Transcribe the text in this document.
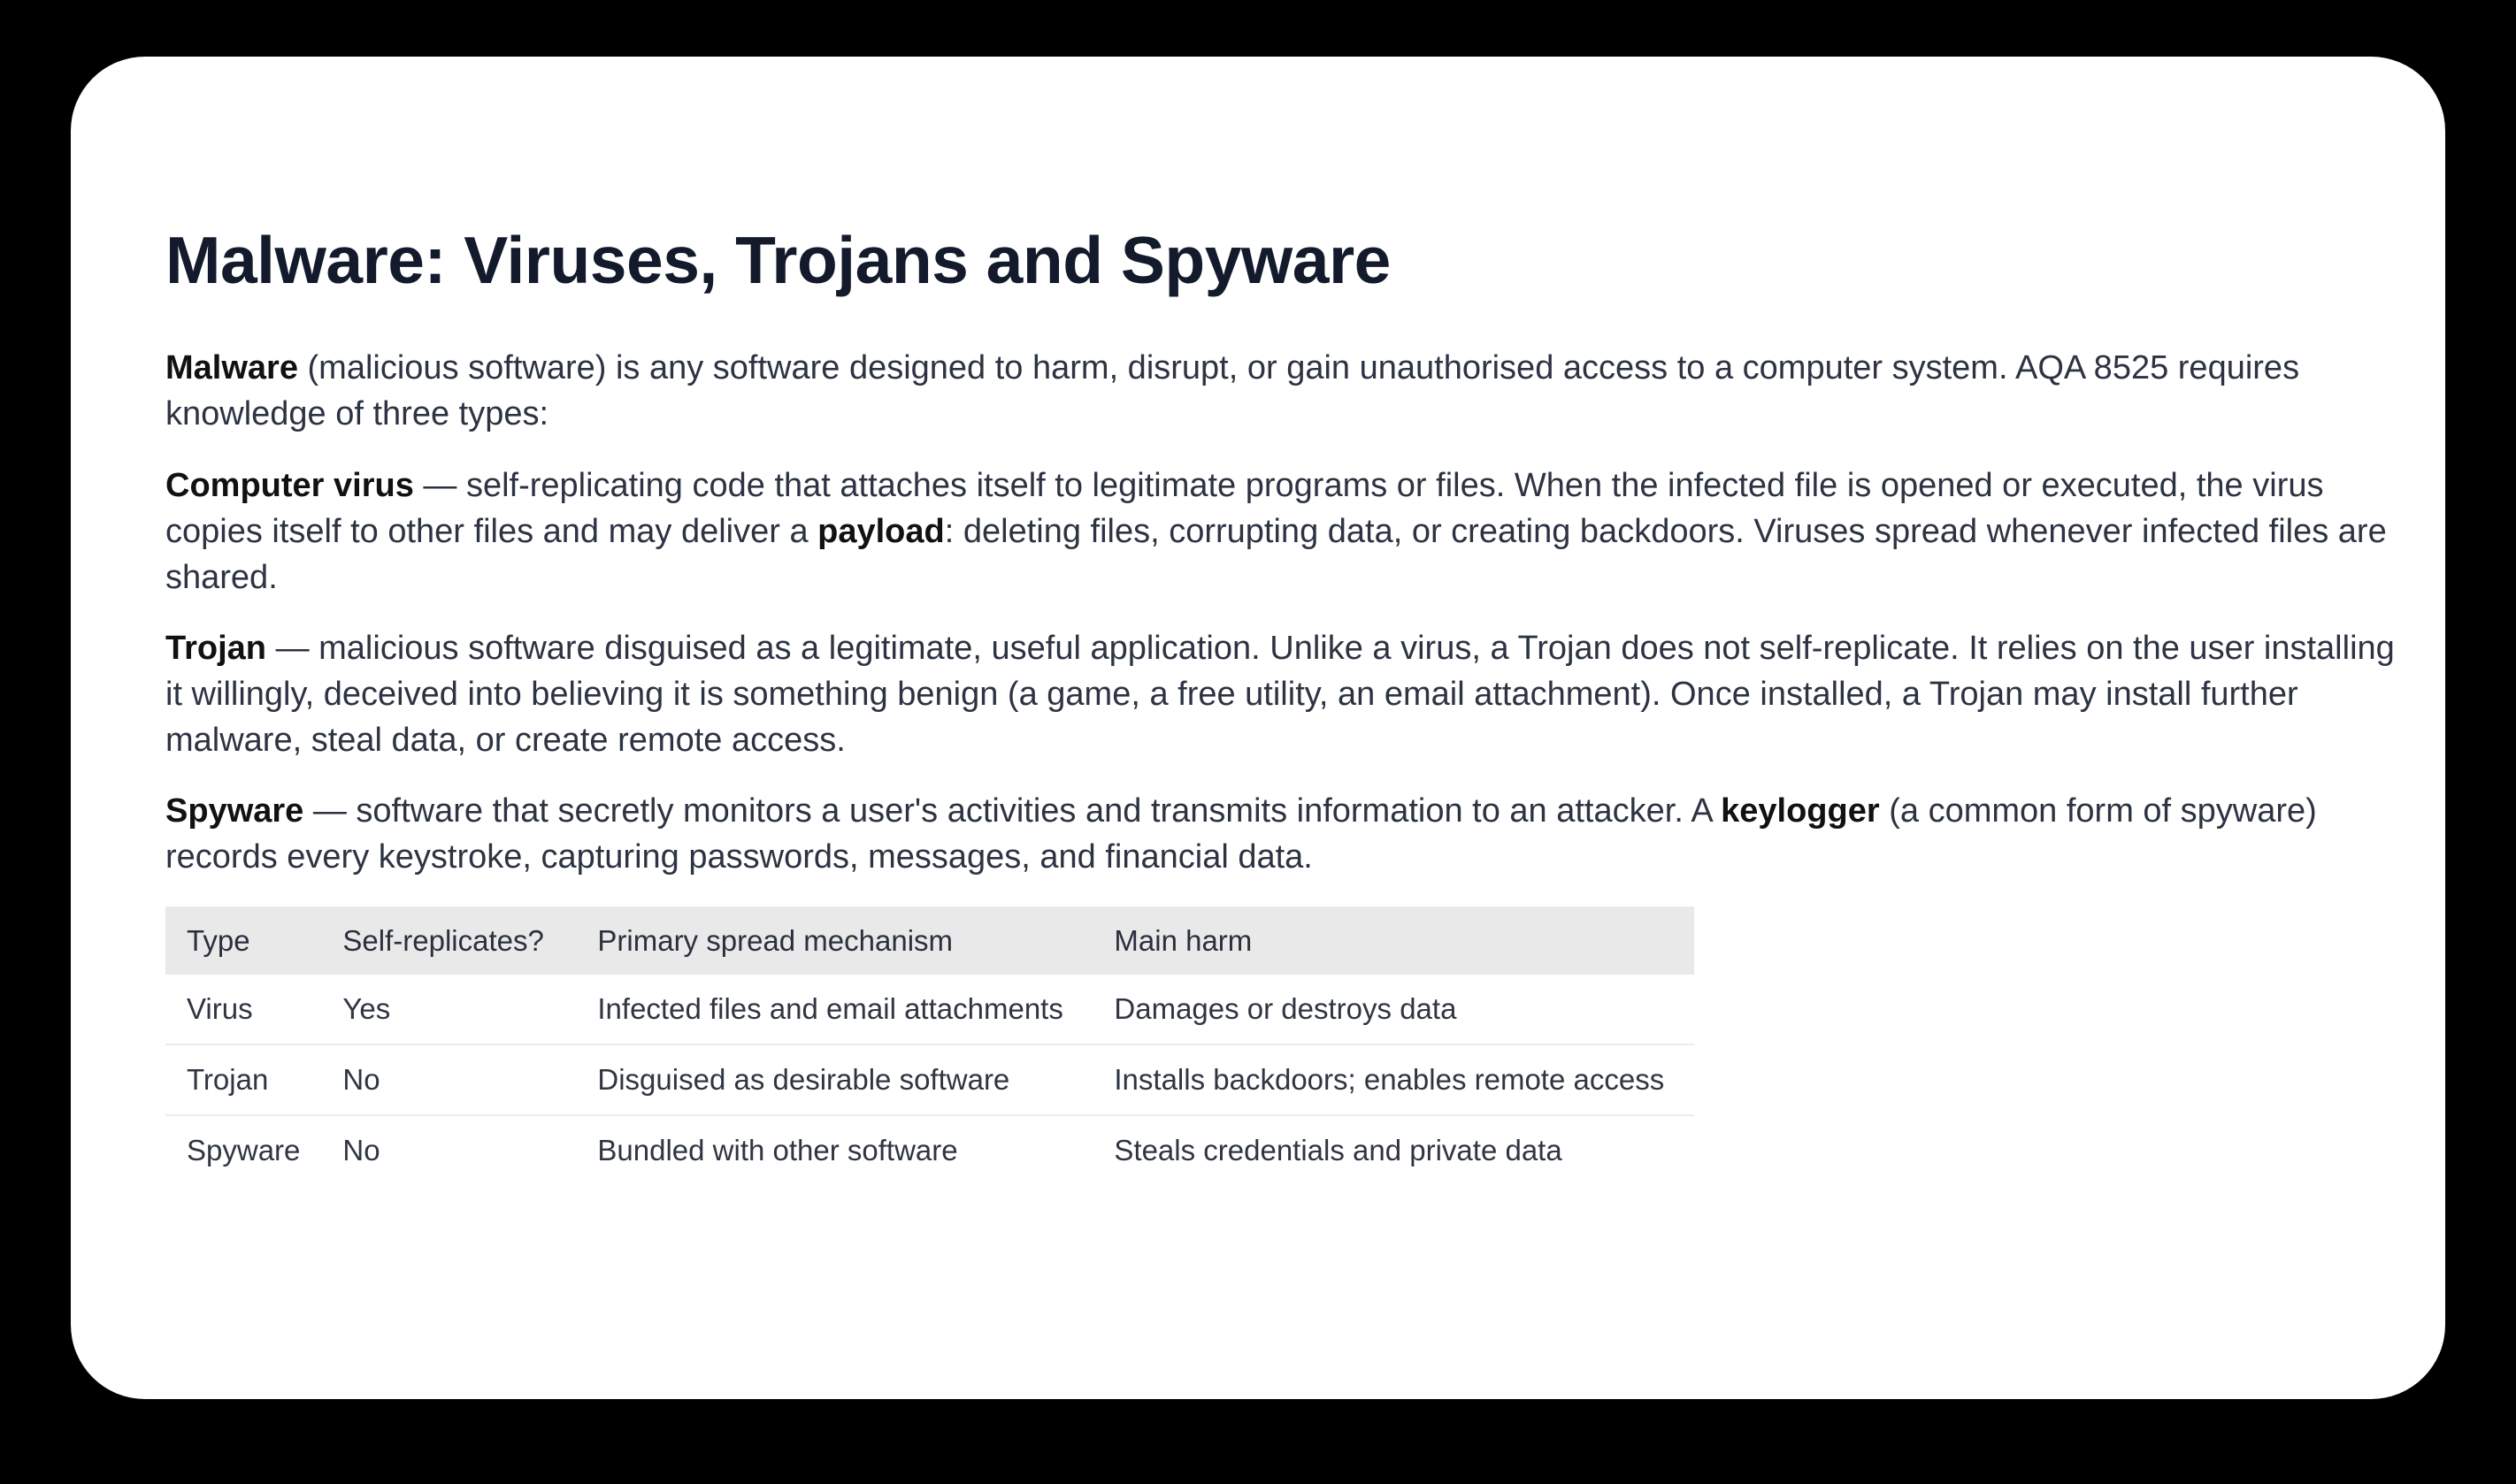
Malware: Viruses, Trojans and Spyware

Malware (malicious software) is any software designed to harm, disrupt, or gain unauthorised access to a computer system. AQA 8525 requires knowledge of three types:

Computer virus — self-replicating code that attaches itself to legitimate programs or files. When the infected file is opened or executed, the virus copies itself to other files and may deliver a payload: deleting files, corrupting data, or creating backdoors. Viruses spread whenever infected files are shared.

Trojan — malicious software disguised as a legitimate, useful application. Unlike a virus, a Trojan does not self-replicate. It relies on the user installing it willingly, deceived into believing it is something benign (a game, a free utility, an email attachment). Once installed, a Trojan may install further malware, steal data, or create remote access.

Spyware — software that secretly monitors a user's activities and transmits information to an attacker. A keylogger (a common form of spyware) records every keystroke, capturing passwords, messages, and financial data.

Type	Self-replicates?	Primary spread mechanism	Main harm
Virus	Yes	Infected files and email attachments	Damages or destroys data
Trojan	No	Disguised as desirable software	Installs backdoors; enables remote access
Spyware	No	Bundled with other software	Steals credentials and private data
